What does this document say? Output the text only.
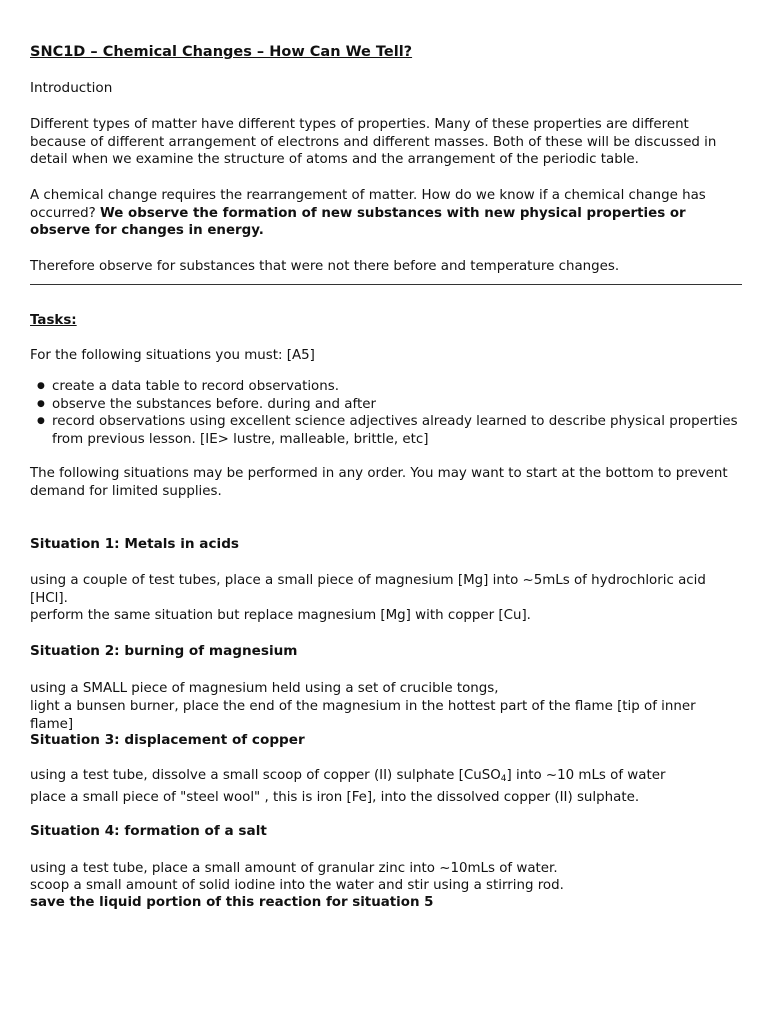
SNC1D – Chemical Changes – How Can We Tell?
Introduction
Different types of matter have different types of properties. Many of these properties are different because of different arrangement of electrons and different masses. Both of these will be discussed in detail when we examine the structure of atoms and the arrangement of the periodic table.
A chemical change requires the rearrangement of matter. How do we know if a chemical change has occurred? We observe the formation of new substances with new physical properties or observe for changes in energy.
Therefore observe for substances that were not there before and temperature changes.
Tasks:
For the following situations you must: [A5]
● create a data table to record observations.
● observe the substances before. during and after
● record observations using excellent science adjectives already learned to describe physical properties from previous lesson. [IE> lustre, malleable, brittle, etc]
The following situations may be performed in any order. You may want to start at the bottom to prevent demand for limited supplies.
Situation 1: Metals in acids
using a couple of test tubes, place a small piece of magnesium [Mg] into ~5mLs of hydrochloric acid [HCl].
perform the same situation but replace magnesium [Mg] with copper [Cu].
Situation 2: burning of magnesium
using a SMALL piece of magnesium held using a set of crucible tongs,
light a bunsen burner, place the end of the magnesium in the hottest part of the flame [tip of inner flame]
Situation 3: displacement of copper
using a test tube, dissolve a small scoop of copper (II) sulphate [CuSO$_4$] into ~10 mLs of water
place a small piece of "steel wool" , this is iron [Fe], into the dissolved copper (II) sulphate.
Situation 4: formation of a salt
using a test tube, place a small amount of granular zinc into ~10mLs of water.
scoop a small amount of solid iodine into the water and stir using a stirring rod.
save the liquid portion of this reaction for situation 5
